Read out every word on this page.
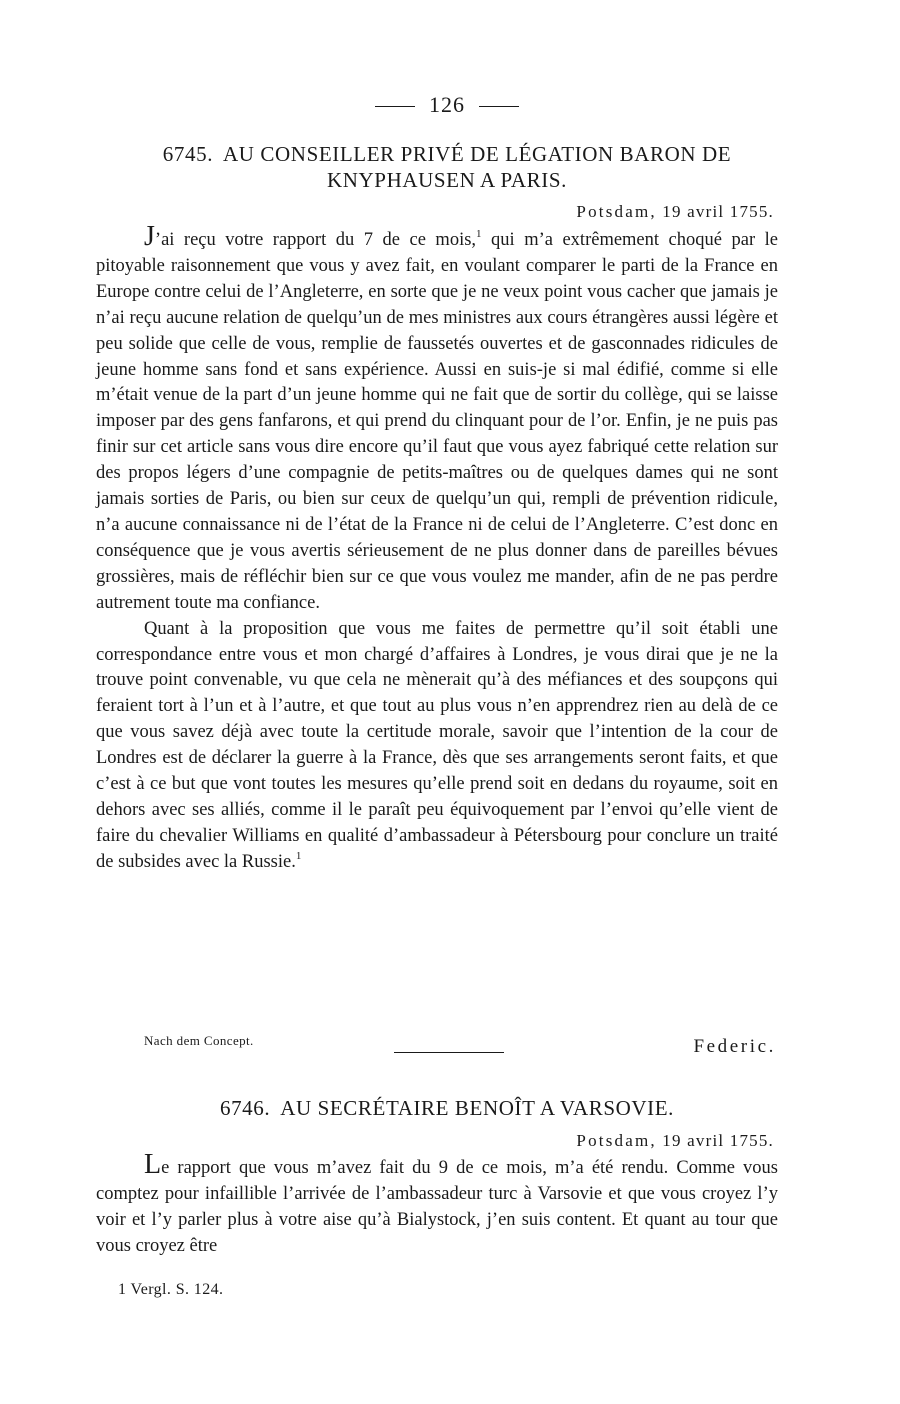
126
6745. AU CONSEILLER PRIVÉ DE LÉGATION BARON DE
KNYPHAUSEN A PARIS.
Potsdam, 19 avril 1755.

J’ai reçu votre rapport du 7 de ce mois,$^1$ qui m’a extrêmement choqué par le pitoyable raisonnement que vous y avez fait, en voulant comparer le parti de la France en Europe contre celui de l’Angleterre, en sorte que je ne veux point vous cacher que jamais je n’ai reçu aucune relation de quelqu’un de mes ministres aux cours étrangères aussi légère et peu solide que celle de vous, remplie de faussetés ouvertes et de gasconnades ridicules de jeune homme sans fond et sans expérience. Aussi en suis-je si mal édifié, comme si elle m’était venue de la part d’un jeune homme qui ne fait que de sortir du collège, qui se laisse imposer par des gens fanfarons, et qui prend du clinquant pour de l’or. Enfin, je ne puis pas finir sur cet article sans vous dire encore qu’il faut que vous ayez fabriqué cette relation sur des propos légers d’une compagnie de petits-maîtres ou de quelques dames qui ne sont jamais sorties de Paris, ou bien sur ceux de quelqu’un qui, rempli de prévention ridicule, n’a aucune connaissance ni de l’état de la France ni de celui de l’Angleterre. C’est donc en conséquence que je vous avertis sérieusement de ne plus donner dans de pareilles bévues grossières, mais de réfléchir bien sur ce que vous voulez me mander, afin de ne pas perdre autrement toute ma confiance.

Quant à la proposition que vous me faites de permettre qu’il soit établi une correspondance entre vous et mon chargé d’affaires à Londres, je vous dirai que je ne la trouve point convenable, vu que cela ne mènerait qu’à des méfiances et des soupçons qui feraient tort à l’un et à l’autre, et que tout au plus vous n’en apprendrez rien au delà de ce que vous savez déjà avec toute la certitude morale, savoir que l’intention de la cour de Londres est de déclarer la guerre à la France, dès que ses arrangements seront faits, et que c’est à ce but que vont toutes les mesures qu’elle prend soit en dedans du royaume, soit en dehors avec ses alliés, comme il le paraît peu équivoquement par l’envoi qu’elle vient de faire du chevalier Williams en qualité d’ambassadeur à Pétersbourg pour conclure un traité de subsides avec la Russie.$^1$

Nach dem Concept.	Federic.
6746. AU SECRÉTAIRE BENOÎT A VARSOVIE.
Potsdam, 19 avril 1755.

Le rapport que vous m’avez fait du 9 de ce mois, m’a été rendu. Comme vous comptez pour infaillible l’arrivée de l’ambassadeur turc à Varsovie et que vous croyez l’y voir et l’y parler plus à votre aise qu’à Bialystock, j’en suis content. Et quant au tour que vous croyez être

1 Vergl. S. 124.
